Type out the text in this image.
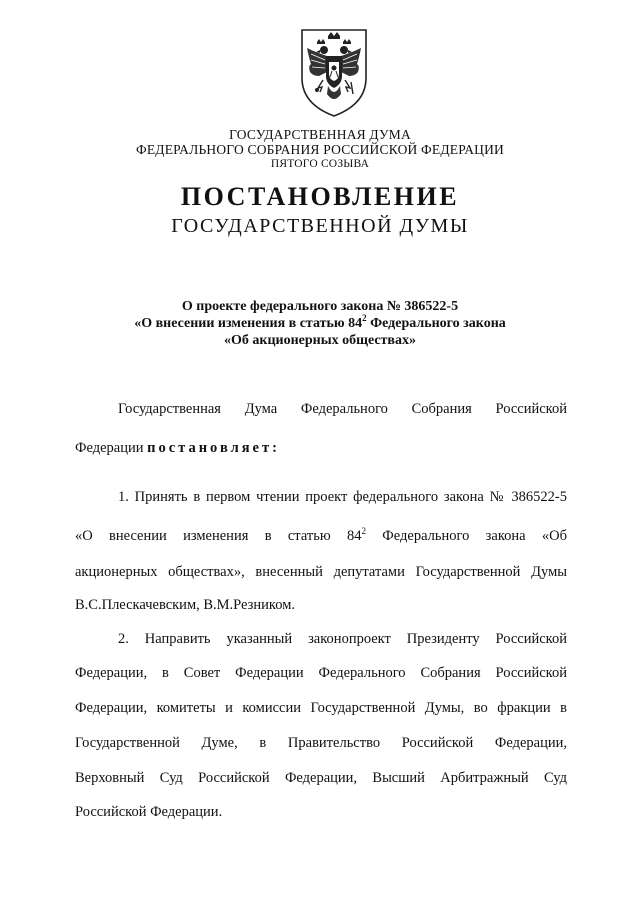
ГОСУДАРСТВЕННАЯ ДУМА
ФЕДЕРАЛЬНОГО СОБРАНИЯ РОССИЙСКОЙ ФЕДЕРАЦИИ
ПЯТОГО СОЗЫВА
ПОСТАНОВЛЕНИЕ
ГОСУДАРСТВЕННОЙ ДУМЫ
О проекте федерального закона № 386522-5
«О внесении изменения в статью $84^2$ Федерального закона
«Об акционерных обществах»
Государственная Дума Федерального Собрания Российской
Федерации постановляет:
1. Принять в первом чтении проект федерального закона № 386522-5
«О внесении изменения в статью $84^2$ Федерального закона «Об
акционерных обществах», внесенный депутатами Государственной Думы
В.С.Плескачевским, В.М.Резником.
2. Направить указанный законопроект Президенту Российской
Федерации, в Совет Федерации Федерального Собрания Российской
Федерации, комитеты и комиссии Государственной Думы, во фракции в
Государственной Думе, в Правительство Российской Федерации,
Верховный Суд Российской Федерации, Высший Арбитражный Суд
Российской Федерации.
